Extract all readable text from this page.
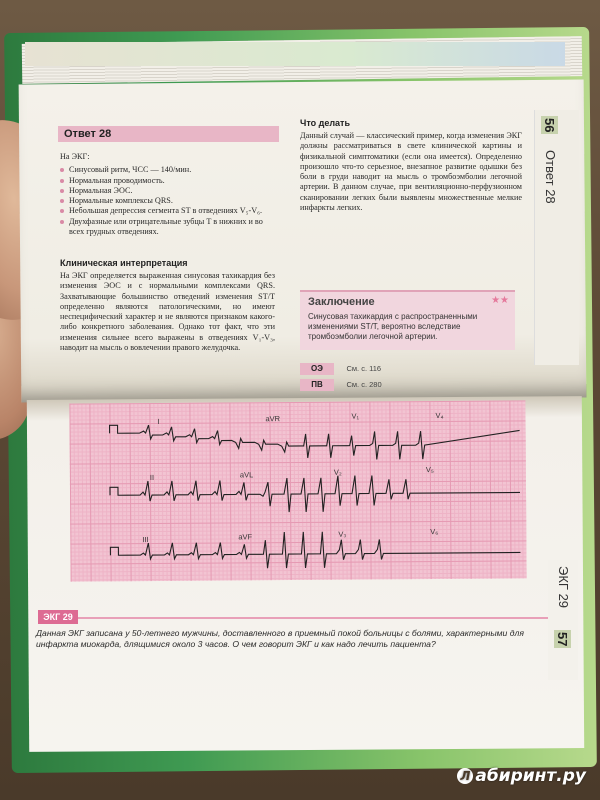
56
Ответ 28
Ответ 28
На ЭКГ:
Синусовый ритм, ЧСС — 140/мин.
Нормальная проводимость.
Нормальная ЭОС.
Нормальные комплексы QRS.
Небольшая депрессия сегмента ST в отведениях V₅-V₆.
Двухфазные или отрицательные зубцы T в нижних и во всех грудных отведениях.
Клиническая интерпретация
На ЭКГ определяется выраженная синусовая тахикардия без изменения ЭОС и с нормальными комплексами QRS. Захватывающие большинство отведений изменения ST/T определенно являются патологическими, но имеют неспецифический характер и не являются признаком какого-либо конкретного заболевания. Однако тот факт, что эти изменения сильнее всего выражены в отведениях V₁-V₃, наводит на мысль о вовлечении правого желудочка.
Что делать
Данный случай — классический пример, когда изменения ЭКГ должны рассматриваться в свете клинической картины и физикальной симптоматики (если она имеется). Определенно произошло что-то серьезное, внезапное развитие одышки без боли в груди наводит на мысль о тромбоэмболии легочной артерии. В данном случае, при вентиляционно-перфузионном сканировании легких были выявлены множественные мелкие инфаркты легких.
Заключение	★★
Синусовая тахикардия с распространенными изменениями ST/T, вероятно вследствие тромбоэмболии легочной артерии.
ОЭ	См. с. 116
ПВ	См. с. 280
ЭКГ 29
57
I	aVR	V₁	V₄
II	aVL	V₂	V₅
III	aVF	V₃	V₆
ЭКГ 29
Данная ЭКГ записана у 50-летнего мужчины, доставленного в приемный покой больницы с болями, характерными для инфаркта миокарда, длящимися около 3 часов. О чем говорит ЭКГ и как надо лечить пациента?
Л абиринт.ру
